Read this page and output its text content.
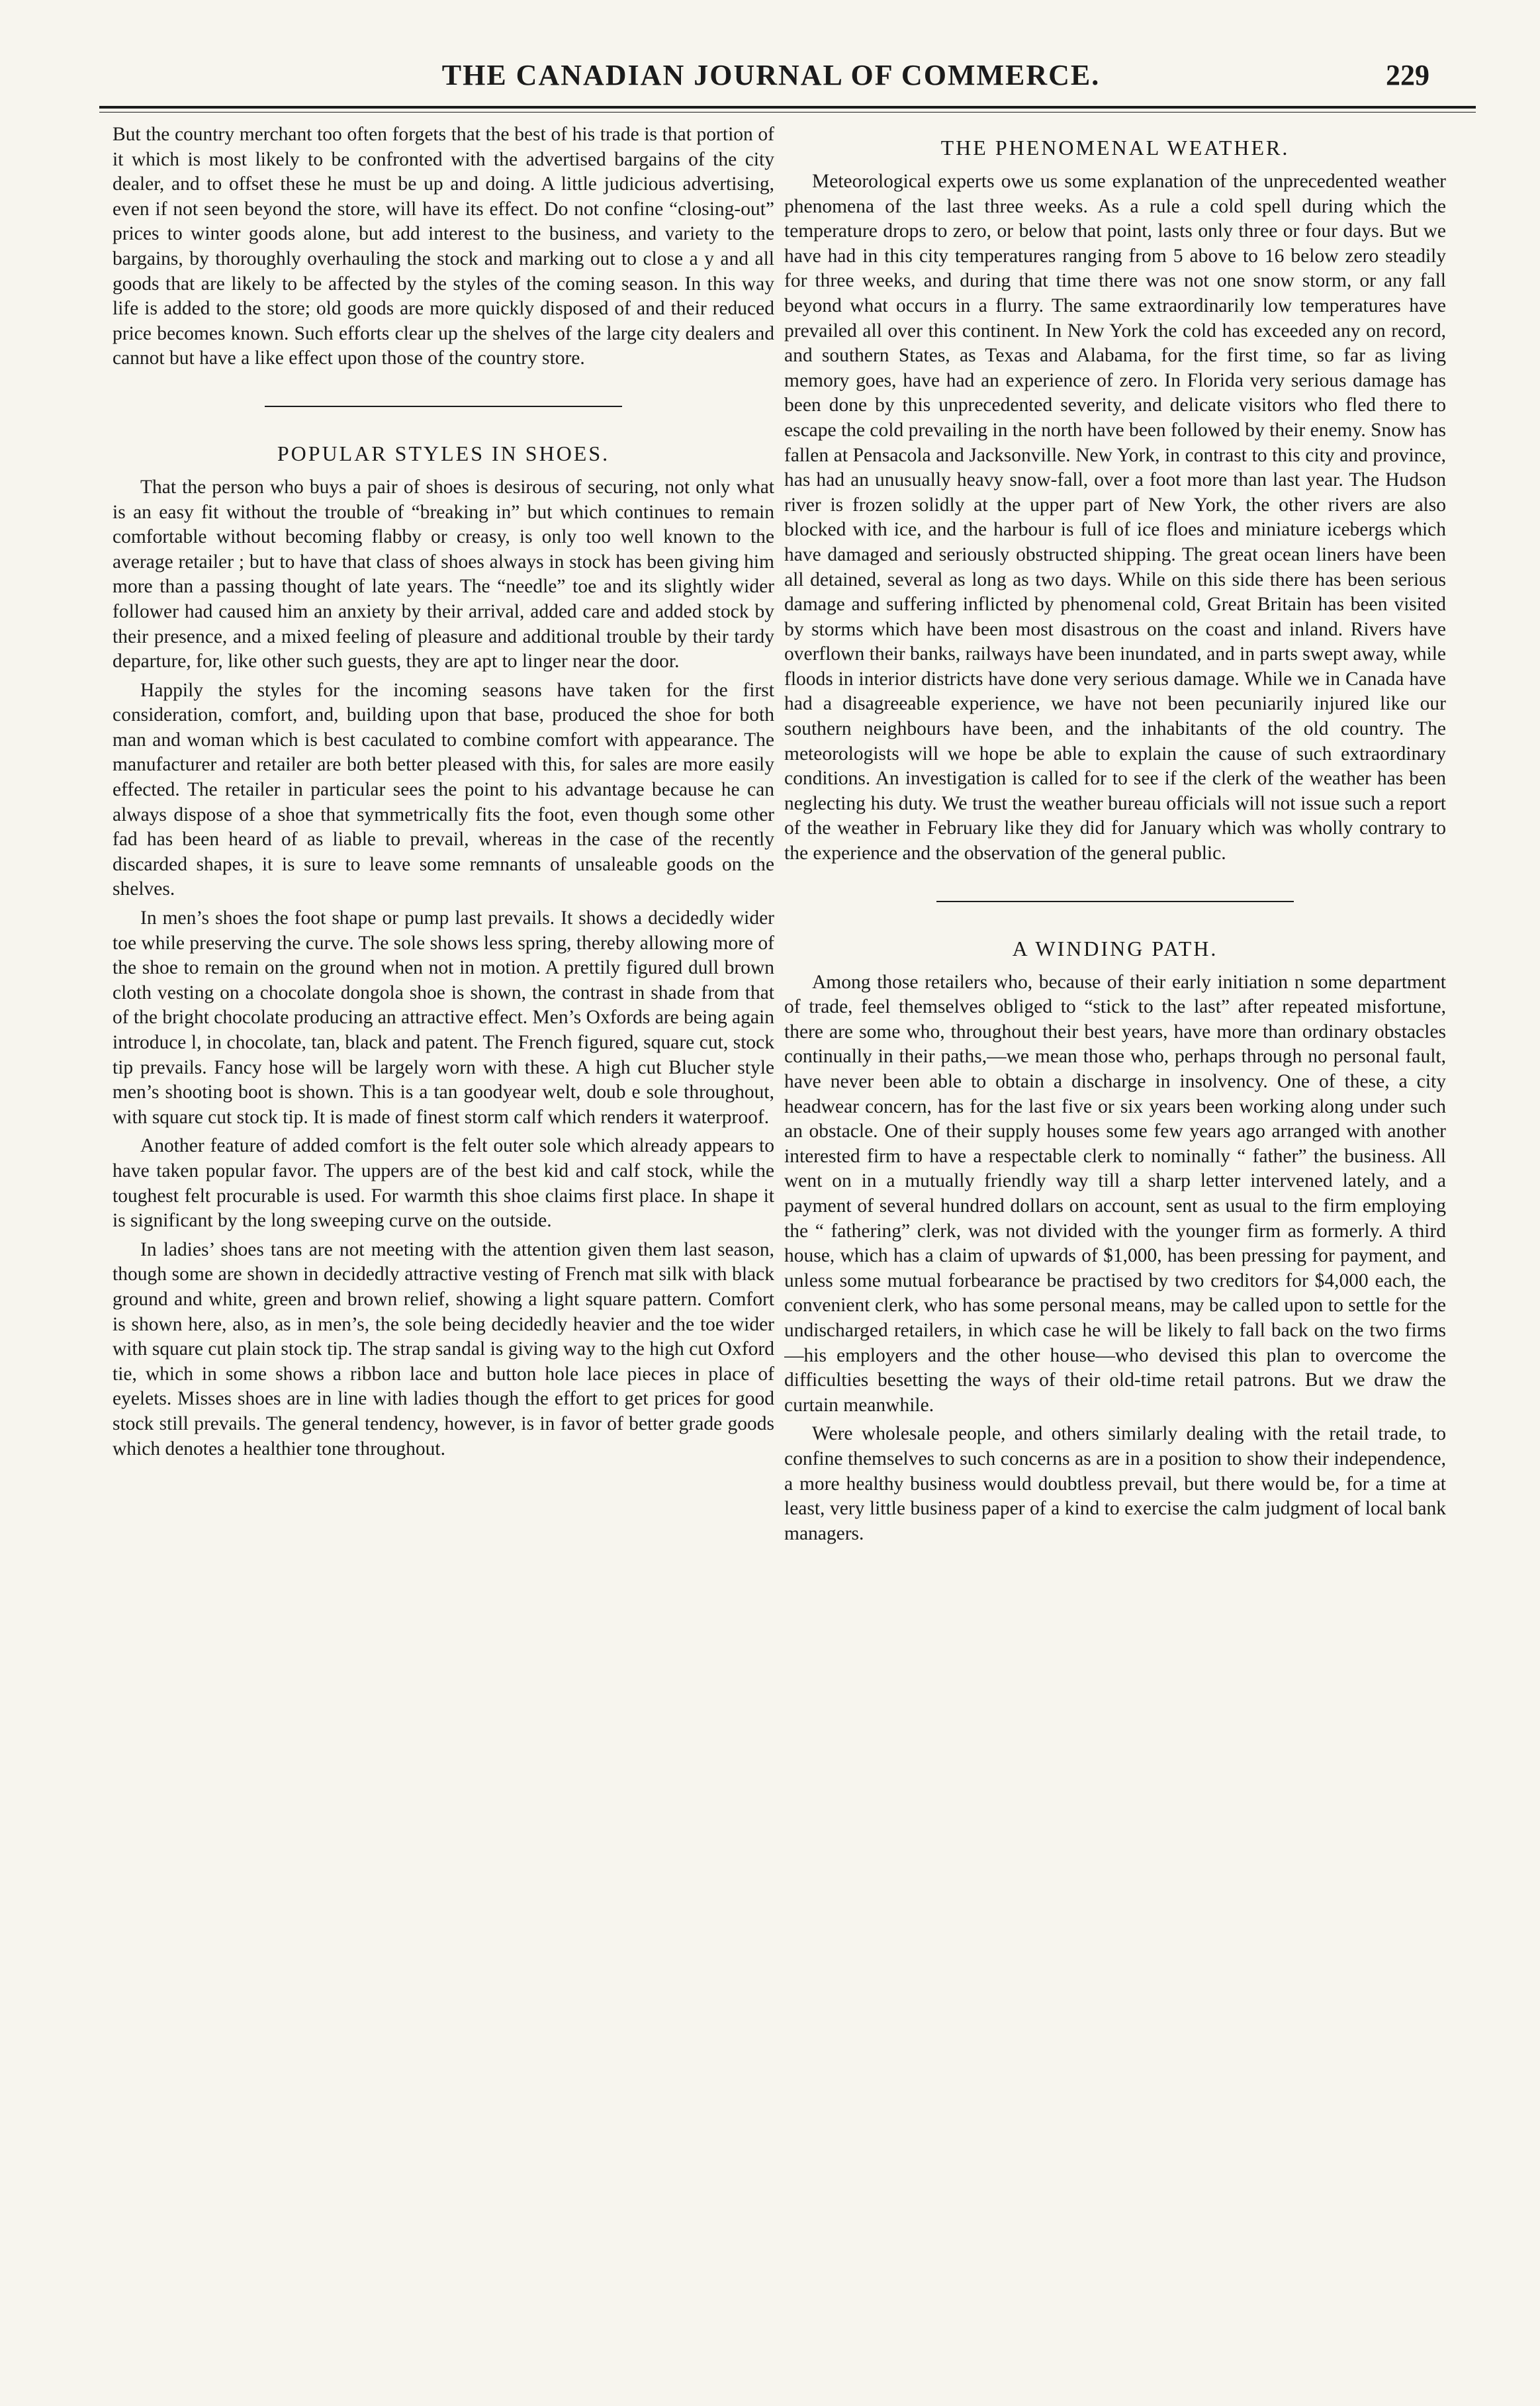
THE CANADIAN JOURNAL OF COMMERCE.	229

But the country merchant too often forgets that the best of his trade is that portion of it which is most likely to be confronted with the advertised bargains of the city dealer, and to offset these he must be up and doing. A little judicious advertising, even if not seen beyond the store, will have its effect. Do not confine “closing-out” prices to winter goods alone, but add interest to the business, and variety to the bargains, by thoroughly overhauling the stock and marking out to close a y and all goods that are likely to be affected by the styles of the coming season. In this way life is added to the store; old goods are more quickly disposed of and their reduced price becomes known. Such efforts clear up the shelves of the large city dealers and cannot but have a like effect upon those of the country store.

POPULAR STYLES IN SHOES.

That the person who buys a pair of shoes is desirous of securing, not only what is an easy fit without the trouble of “breaking in” but which continues to remain comfortable without becoming flabby or creasy, is only too well known to the average retailer ; but to have that class of shoes always in stock has been giving him more than a passing thought of late years. The “needle” toe and its slightly wider follower had caused him an anxiety by their arrival, added care and added stock by their presence, and a mixed feeling of pleasure and additional trouble by their tardy departure, for, like other such guests, they are apt to linger near the door.

Happily the styles for the incoming seasons have taken for the first consideration, comfort, and, building upon that base, produced the shoe for both man and woman which is best caculated to combine comfort with appearance. The manufacturer and retailer are both better pleased with this, for sales are more easily effected. The retailer in particular sees the point to his advantage because he can always dispose of a shoe that symmetrically fits the foot, even though some other fad has been heard of as liable to prevail, whereas in the case of the recently discarded shapes, it is sure to leave some remnants of unsaleable goods on the shelves.

In men’s shoes the foot shape or pump last prevails. It shows a decidedly wider toe while preserving the curve. The sole shows less spring, thereby allowing more of the shoe to remain on the ground when not in motion. A prettily figured dull brown cloth vesting on a chocolate dongola shoe is shown, the contrast in shade from that of the bright chocolate producing an attractive effect. Men’s Oxfords are being again introduce l, in chocolate, tan, black and patent. The French figured, square cut, stock tip prevails. Fancy hose will be largely worn with these. A high cut Blucher style men’s shooting boot is shown. This is a tan goodyear welt, doub e sole throughout, with square cut stock tip. It is made of finest storm calf which renders it waterproof.

Another feature of added comfort is the felt outer sole which already appears to have taken popular favor. The uppers are of the best kid and calf stock, while the toughest felt procurable is used. For warmth this shoe claims first place. In shape it is significant by the long sweeping curve on the outside.

In ladies’ shoes tans are not meeting with the attention given them last season, though some are shown in decidedly attractive vesting of French mat silk with black ground and white, green and brown relief, showing a light square pattern. Comfort is shown here, also, as in men’s, the sole being decidedly heavier and the toe wider with square cut plain stock tip. The strap sandal is giving way to the high cut Oxford tie, which in some shows a ribbon lace and button hole lace pieces in place of eyelets. Misses shoes are in line with ladies though the effort to get prices for good stock still prevails. The general tendency, however, is in favor of better grade goods which denotes a healthier tone throughout.

THE PHENOMENAL WEATHER.

Meteorological experts owe us some explanation of the unprecedented weather phenomena of the last three weeks. As a rule a cold spell during which the temperature drops to zero, or below that point, lasts only three or four days. But we have had in this city temperatures ranging from 5 above to 16 below zero steadily for three weeks, and during that time there was not one snow storm, or any fall beyond what occurs in a flurry. The same extraordinarily low temperatures have prevailed all over this continent. In New York the cold has exceeded any on record, and southern States, as Texas and Alabama, for the first time, so far as living memory goes, have had an experience of zero. In Florida very serious damage has been done by this unprecedented severity, and delicate visitors who fled there to escape the cold prevailing in the north have been followed by their enemy. Snow has fallen at Pensacola and Jacksonville. New York, in contrast to this city and province, has had an unusually heavy snow-fall, over a foot more than last year. The Hudson river is frozen solidly at the upper part of New York, the other rivers are also blocked with ice, and the harbour is full of ice floes and miniature icebergs which have damaged and seriously obstructed shipping. The great ocean liners have been all detained, several as long as two days. While on this side there has been serious damage and suffering inflicted by phenomenal cold, Great Britain has been visited by storms which have been most disastrous on the coast and inland. Rivers have overflown their banks, railways have been inundated, and in parts swept away, while floods in interior districts have done very serious damage. While we in Canada have had a disagreeable experience, we have not been pecuniarily injured like our southern neighbours have been, and the inhabitants of the old country. The meteorologists will we hope be able to explain the cause of such extraordinary conditions. An investigation is called for to see if the clerk of the weather has been neglecting his duty. We trust the weather bureau officials will not issue such a report of the weather in February like they did for January which was wholly contrary to the experience and the observation of the general public.

A WINDING PATH.

Among those retailers who, because of their early initiation n some department of trade, feel themselves obliged to “stick to the last” after repeated misfortune, there are some who, throughout their best years, have more than ordinary obstacles continually in their paths,—we mean those who, perhaps through no personal fault, have never been able to obtain a discharge in insolvency. One of these, a city headwear concern, has for the last five or six years been working along under such an obstacle. One of their supply houses some few years ago arranged with another interested firm to have a respectable clerk to nominally “ father” the business. All went on in a mutually friendly way till a sharp letter intervened lately, and a payment of several hundred dollars on account, sent as usual to the firm employing the “ fathering” clerk, was not divided with the younger firm as formerly. A third house, which has a claim of upwards of $1,000, has been pressing for payment, and unless some mutual forbearance be practised by two creditors for $4,000 each, the convenient clerk, who has some personal means, may be called upon to settle for the undischarged retailers, in which case he will be likely to fall back on the two firms—his employers and the other house—who devised this plan to overcome the difficulties besetting the ways of their old-time retail patrons. But we draw the curtain meanwhile.

Were wholesale people, and others similarly dealing with the retail trade, to confine themselves to such concerns as are in a position to show their independence, a more healthy business would doubtless prevail, but there would be, for a time at least, very little business paper of a kind to exercise the calm judgment of local bank managers.
